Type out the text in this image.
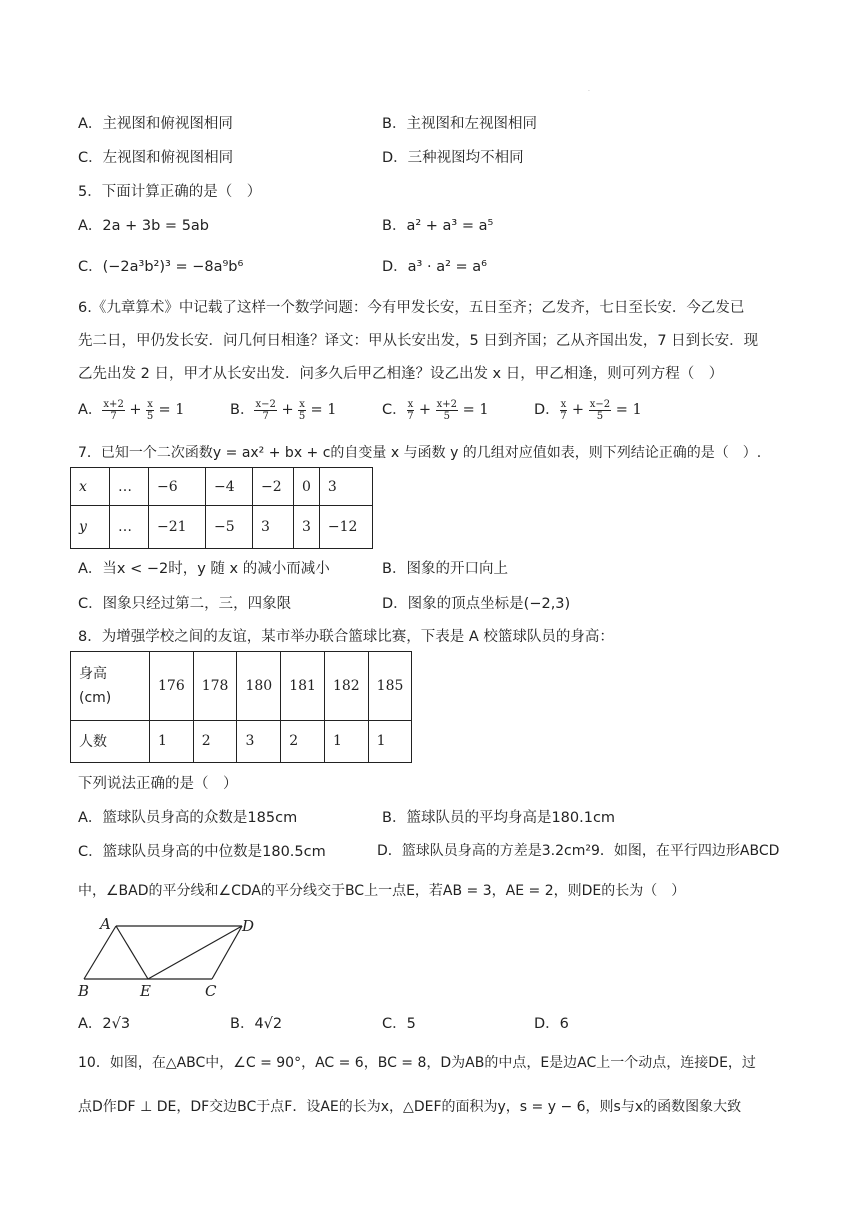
·
A．主视图和俯视图相同	B．主视图和左视图相同
C．左视图和俯视图相同	D．三种视图均不相同
5．下面计算正确的是（　）
A．2a + 3b = 5ab	B．a² + a³ = a⁵
C．(−2a³b²)³ = −8a⁹b⁶	D．a³ · a² = a⁶
6.《九章算术》中记载了这样一个数学问题：今有甲发长安，五日至齐；乙发齐，七日至长安．今乙发已
先二日，甲仍发长安．问几何日相逢？译文：甲从长安出发，5 日到齐国；乙从齐国出发，7 日到长安．现
乙先出发 2 日，甲才从长安出发．问多久后甲乙相逢？设乙出发 x 日，甲乙相逢，则可列方程（　）
A． $\frac{x+2}{7} + \frac{x}{5} = 1$	B． $\frac{x-2}{7} + \frac{x}{5} = 1$	C． $\frac{x}{7} + \frac{x+2}{5} = 1$	D． $\frac{x}{7} + \frac{x-2}{5} = 1$
7．已知一个二次函数y = ax² + bx + c的自变量 x 与函数 y 的几组对应值如表，则下列结论正确的是（　）.
x	…	−6	−4	−2	0	3
y	…	−21	−5	3	3	−12
A．当x < −2时，y 随 x 的减小而减小	B．图象的开口向上
C．图象只经过第二，三，四象限	D．图象的顶点坐标是(−2,3)
8．为增强学校之间的友谊，某市举办联合篮球比赛，下表是 A 校篮球队员的身高：
身高
(cm)	176	178	180	181	182	185
人数	1	2	3	2	1	1
下列说法正确的是（　）
A．篮球队员身高的众数是185cm	B．篮球队员的平均身高是180.1cm
C．篮球队员身高的中位数是180.5cm	D．篮球队员身高的方差是3.2cm²9．如图，在平行四边形ABCD
中，∠BAD的平分线和∠CDA的平分线交于BC上一点E，若AB = 3，AE = 2，则DE的长为（　）
A	D
B	E	C
A．2√3	B．4√2	C．5	D．6
10．如图，在△ABC中，∠C = 90°，AC = 6，BC = 8，D为AB的中点，E是边AC上一个动点，连接DE，过
点D作DF ⊥ DE，DF交边BC于点F．设AE的长为x，△DEF的面积为y，s = y − 6，则s与x的函数图象大致
